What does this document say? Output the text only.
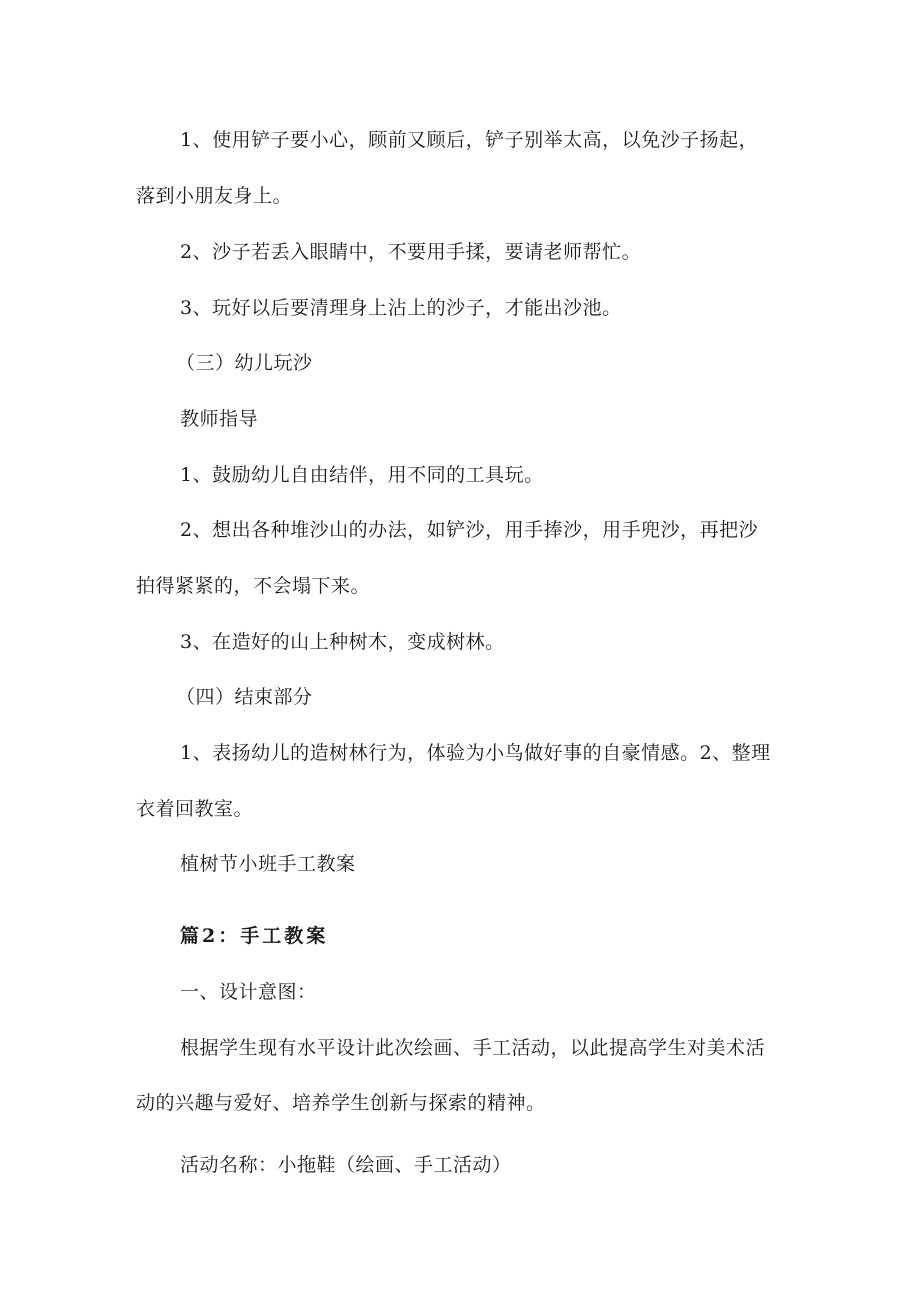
1、使用铲子要小心，顾前又顾后，铲子别举太高，以免沙子扬起，
落到小朋友身上。
2、沙子若丢入眼睛中，不要用手揉，要请老师帮忙。
3、玩好以后要清理身上沾上的沙子，才能出沙池。
（三）幼儿玩沙
教师指导
1、鼓励幼儿自由结伴，用不同的工具玩。
2、想出各种堆沙山的办法，如铲沙，用手捧沙，用手兜沙，再把沙
拍得紧紧的，不会塌下来。
3、在造好的山上种树木，变成树林。
（四）结束部分
1、表扬幼儿的造树林行为，体验为小鸟做好事的自豪情感。2、整理
衣着回教室。
植树节小班手工教案
篇2：手工教案
一、设计意图：
根据学生现有水平设计此次绘画、手工活动，以此提高学生对美术活
动的兴趣与爱好、培养学生创新与探索的精神。
活动名称：小拖鞋（绘画、手工活动）
